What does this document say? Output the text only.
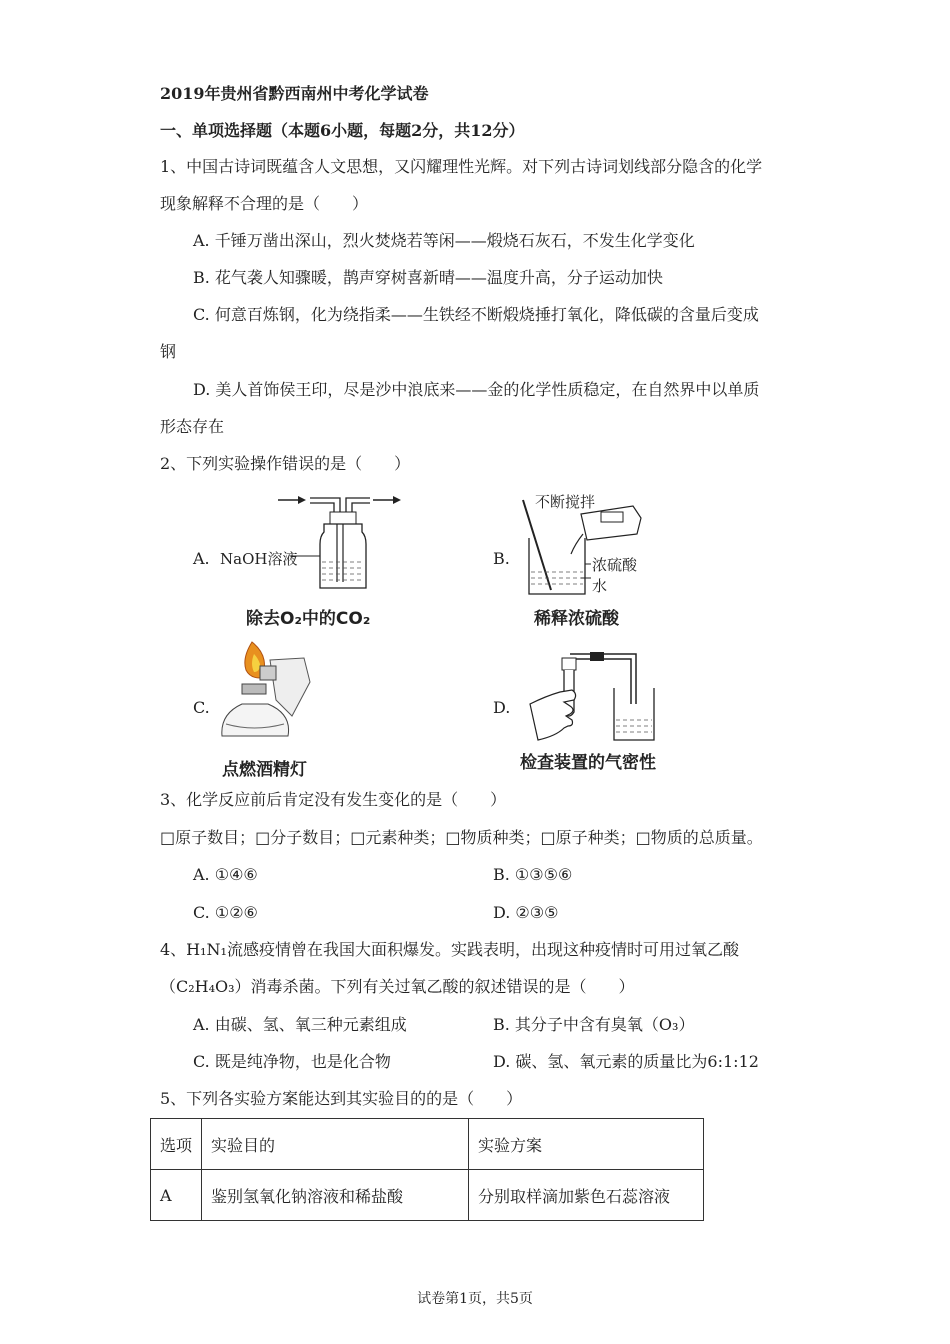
2019年贵州省黔西南州中考化学试卷
一、单项选择题（本题6小题，每题2分，共12分）
1、中国古诗词既蕴含人文思想，又闪耀理性光辉。对下列古诗词划线部分隐含的化学
现象解释不合理的是（　　）
A. 千锤万凿出深山，烈火焚烧若等闲——煅烧石灰石，不发生化学变化
B. 花气袭人知骤暖，鹊声穿树喜新晴——温度升高，分子运动加快
C. 何意百炼钢，化为绕指柔——生铁经不断煅烧捶打氧化，降低碳的含量后变成
钢
D. 美人首饰侯王印，尽是沙中浪底来——金的化学性质稳定，在自然界中以单质
形态存在
2、下列实验操作错误的是（　　）
A. NaOH溶液
除去O₂中的CO₂
B.
不断搅拌
浓硫酸
水
稀释浓硫酸
C.
点燃酒精灯
D.
检查装置的气密性
3、化学反应前后肯定没有发生变化的是（　　）
□原子数目；□分子数目；□元素种类；□物质种类；□原子种类；□物质的总质量。
A. ①④⑥	B. ①③⑤⑥
C. ①②⑥	D. ②③⑤
4、H₁N₁流感疫情曾在我国大面积爆发。实践表明，出现这种疫情时可用过氧乙酸
（C₂H₄O₃）消毒杀菌。下列有关过氧乙酸的叙述错误的是（　　）
A. 由碳、氢、氧三种元素组成	B. 其分子中含有臭氧（O₃）
C. 既是纯净物，也是化合物	D. 碳、氢、氧元素的质量比为6:1:12
5、下列各实验方案能达到其实验目的的是（　　）
选项	实验目的	实验方案
A	鉴别氢氧化钠溶液和稀盐酸	分别取样滴加紫色石蕊溶液
试卷第1页，共5页
